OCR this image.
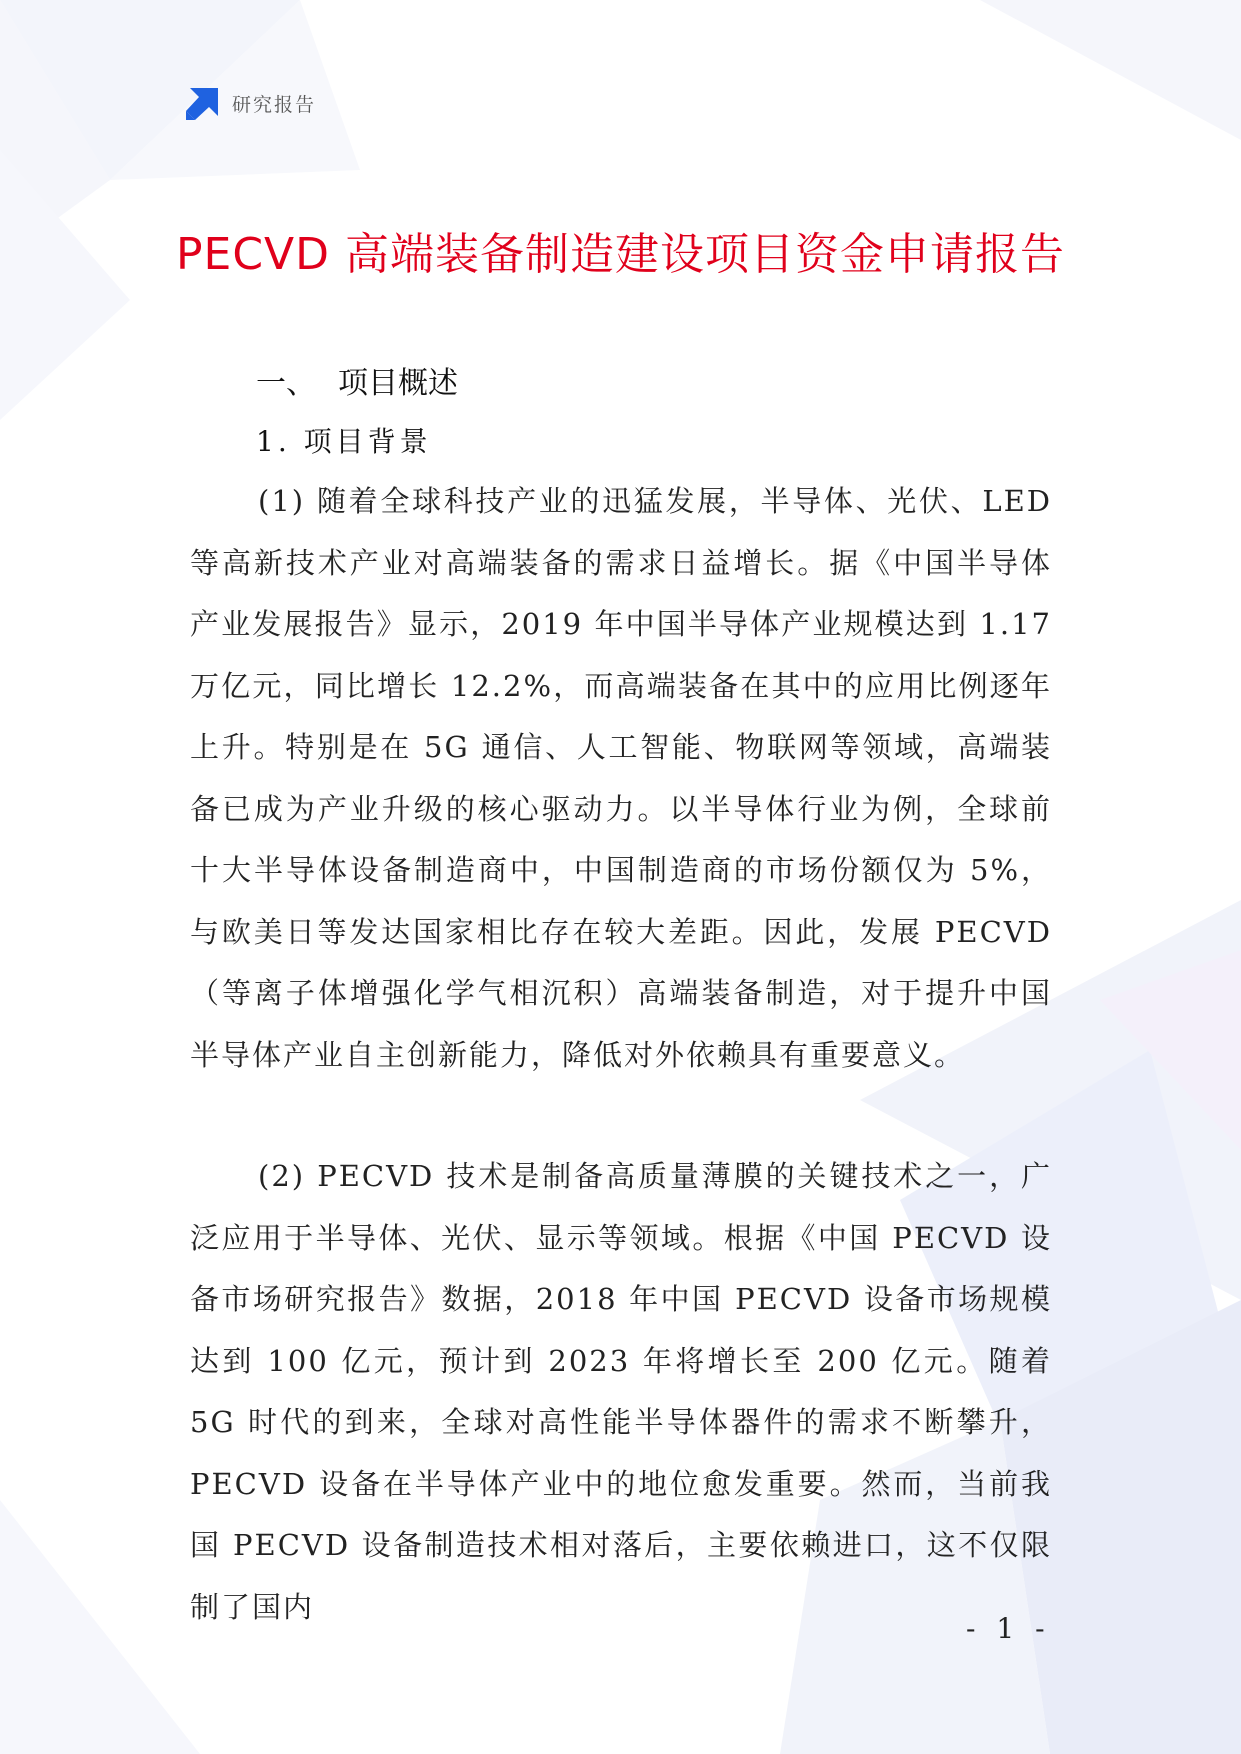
研究报告
PECVD 高端装备制造建设项目资金申请报告
一、 项目概述
1. 项目背景

(1) 随着全球科技产业的迅猛发展，半导体、光伏、LED 等高新技术产业对高端装备的需求日益增长。据《中国半导体产业发展报告》显示，2019 年中国半导体产业规模达到 1.17 万亿元，同比增长 12.2%，而高端装备在其中的应用比例逐年上升。特别是在 5G 通信、人工智能、物联网等领域，高端装备已成为产业升级的核心驱动力。以半导体行业为例，全球前十大半导体设备制造商中，中国制造商的市场份额仅为 5%，与欧美日等发达国家相比存在较大差距。因此，发展 PECVD（等离子体增强化学气相沉积）高端装备制造，对于提升中国半导体产业自主创新能力，降低对外依赖具有重要意义。

(2) PECVD 技术是制备高质量薄膜的关键技术之一，广泛应用于半导体、光伏、显示等领域。根据《中国 PECVD 设备市场研究报告》数据，2018 年中国 PECVD 设备市场规模达到 100 亿元，预计到 2023 年将增长至 200 亿元。随着 5G 时代的到来，全球对高性能半导体器件的需求不断攀升，PECVD 设备在半导体产业中的地位愈发重要。然而，当前我国 PECVD 设备制造技术相对落后，主要依赖进口，这不仅限制了国内

- 1 -
